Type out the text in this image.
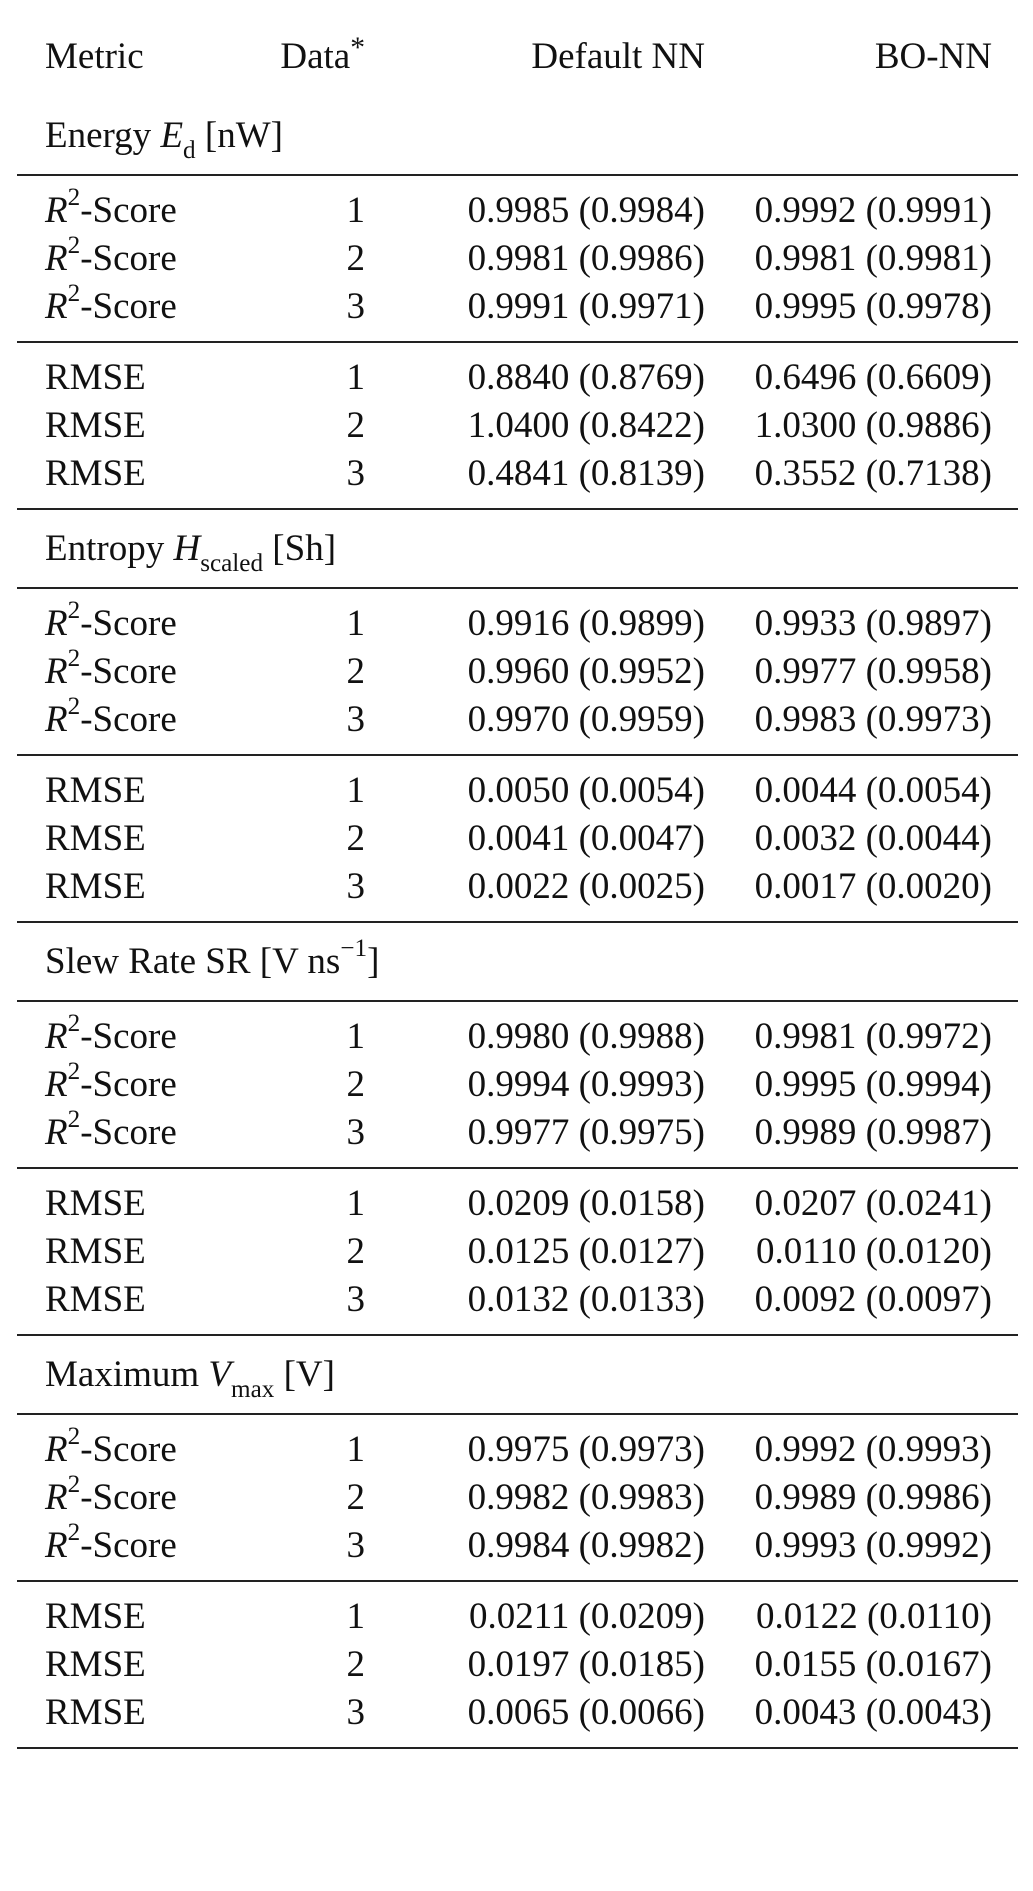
Metric	Data*	Default NN	BO-NN
Energy $E_d$ [nW]			
$R^2$-Score	1	0.9985 (0.9984)	0.9992 (0.9991)
$R^2$-Score	2	0.9981 (0.9986)	0.9981 (0.9981)
$R^2$-Score	3	0.9991 (0.9971)	0.9995 (0.9978)
RMSE	1	0.8840 (0.8769)	0.6496 (0.6609)
RMSE	2	1.0400 (0.8422)	1.0300 (0.9886)
RMSE	3	0.4841 (0.8139)	0.3552 (0.7138)
Entropy $H_{scaled}$ [Sh]			
$R^2$-Score	1	0.9916 (0.9899)	0.9933 (0.9897)
$R^2$-Score	2	0.9960 (0.9952)	0.9977 (0.9958)
$R^2$-Score	3	0.9970 (0.9959)	0.9983 (0.9973)
RMSE	1	0.0050 (0.0054)	0.0044 (0.0054)
RMSE	2	0.0041 (0.0047)	0.0032 (0.0044)
RMSE	3	0.0022 (0.0025)	0.0017 (0.0020)
Slew Rate SR [V $ns^{-1}$]			
$R^2$-Score	1	0.9980 (0.9988)	0.9981 (0.9972)
$R^2$-Score	2	0.9994 (0.9993)	0.9995 (0.9994)
$R^2$-Score	3	0.9977 (0.9975)	0.9989 (0.9987)
RMSE	1	0.0209 (0.0158)	0.0207 (0.0241)
RMSE	2	0.0125 (0.0127)	0.0110 (0.0120)
RMSE	3	0.0132 (0.0133)	0.0092 (0.0097)
Maximum $V_{max}$ [V]			
$R^2$-Score	1	0.9975 (0.9973)	0.9992 (0.9993)
$R^2$-Score	2	0.9982 (0.9983)	0.9989 (0.9986)
$R^2$-Score	3	0.9984 (0.9982)	0.9993 (0.9992)
RMSE	1	0.0211 (0.0209)	0.0122 (0.0110)
RMSE	2	0.0197 (0.0185)	0.0155 (0.0167)
RMSE	3	0.0065 (0.0066)	0.0043 (0.0043)
